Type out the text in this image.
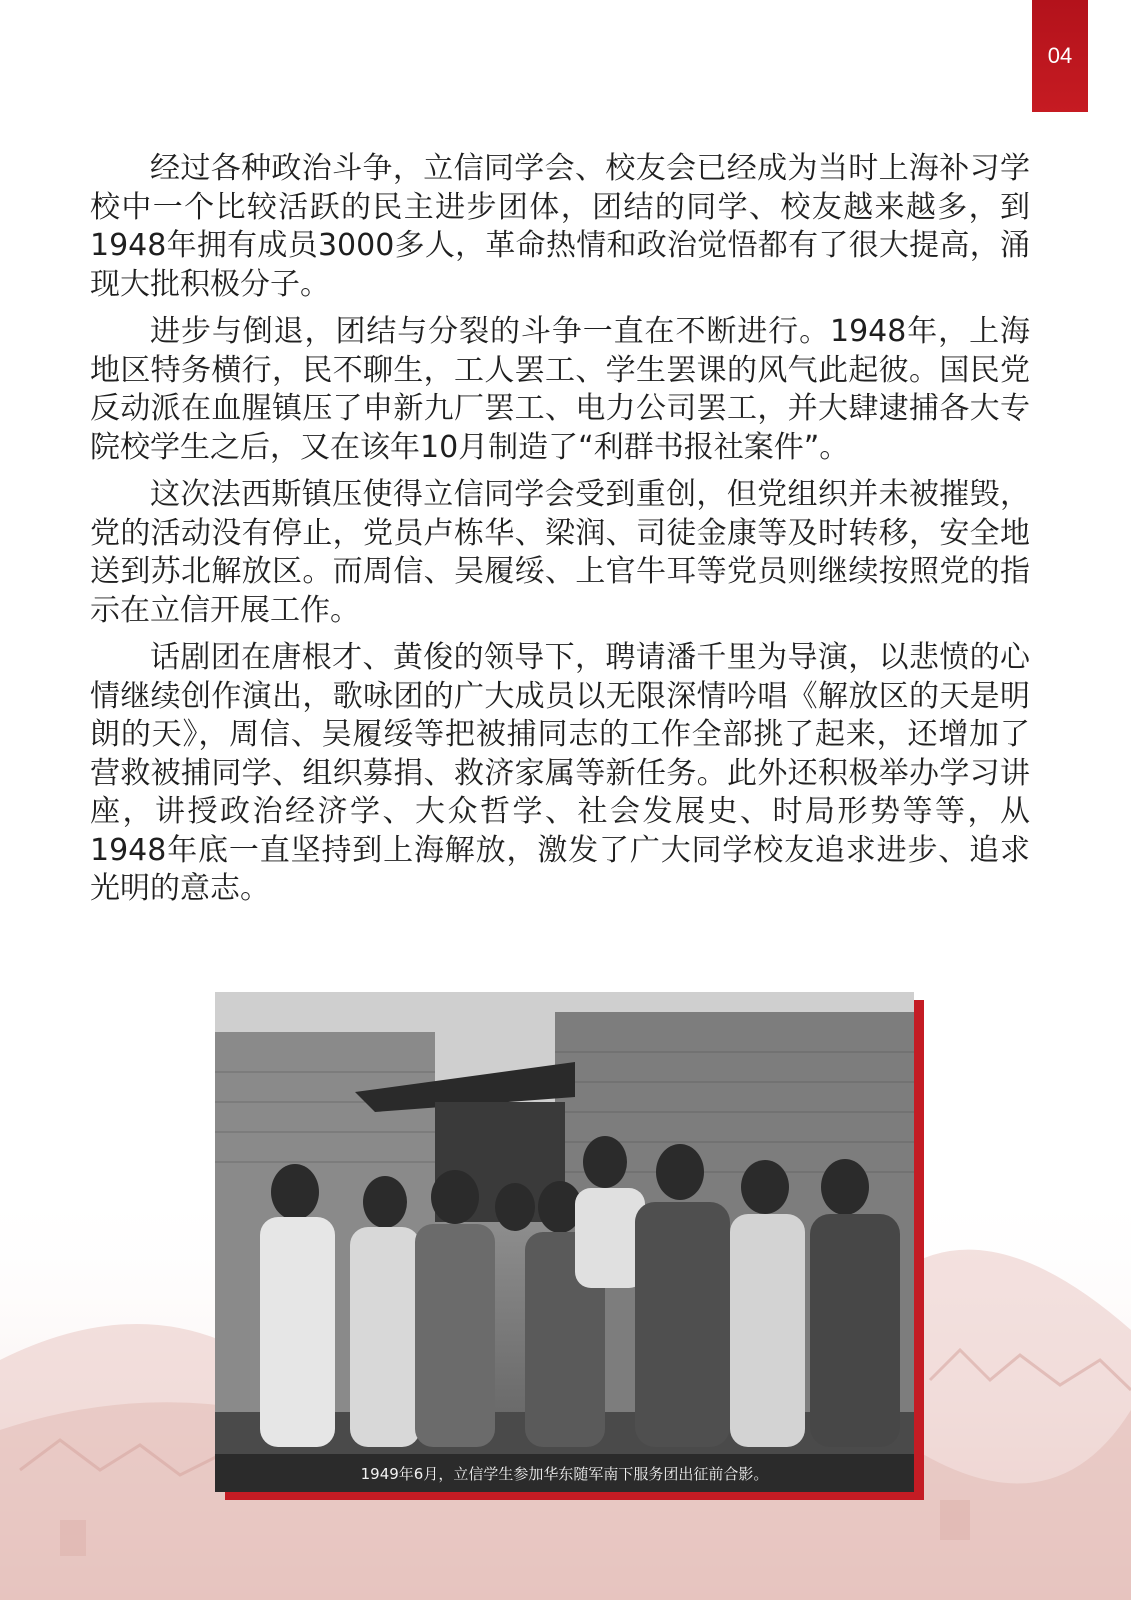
04

经过各种政治斗争，立信同学会、校友会已经成为当时上海补习学校中一个比较活跃的民主进步团体，团结的同学、校友越来越多，到1948年拥有成员3000多人，革命热情和政治觉悟都有了很大提高，涌现大批积极分子。

进步与倒退，团结与分裂的斗争一直在不断进行。1948年，上海地区特务横行，民不聊生，工人罢工、学生罢课的风气此起彼。国民党反动派在血腥镇压了申新九厂罢工、电力公司罢工，并大肆逮捕各大专院校学生之后，又在该年10月制造了“利群书报社案件”。

这次法西斯镇压使得立信同学会受到重创，但党组织并未被摧毁，党的活动没有停止，党员卢栋华、梁润、司徒金康等及时转移，安全地送到苏北解放区。而周信、吴履绥、上官牛耳等党员则继续按照党的指示在立信开展工作。

话剧团在唐根才、黄俊的领导下，聘请潘千里为导演，以悲愤的心情继续创作演出，歌咏团的广大成员以无限深情吟唱《解放区的天是明朗的天》，周信、吴履绥等把被捕同志的工作全部挑了起来，还增加了营救被捕同学、组织募捐、救济家属等新任务。此外还积极举办学习讲座，讲授政治经济学、大众哲学、社会发展史、时局形势等等，从1948年底一直坚持到上海解放，激发了广大同学校友追求进步、追求光明的意志。

1949年6月，立信学生参加华东随军南下服务团出征前合影。
